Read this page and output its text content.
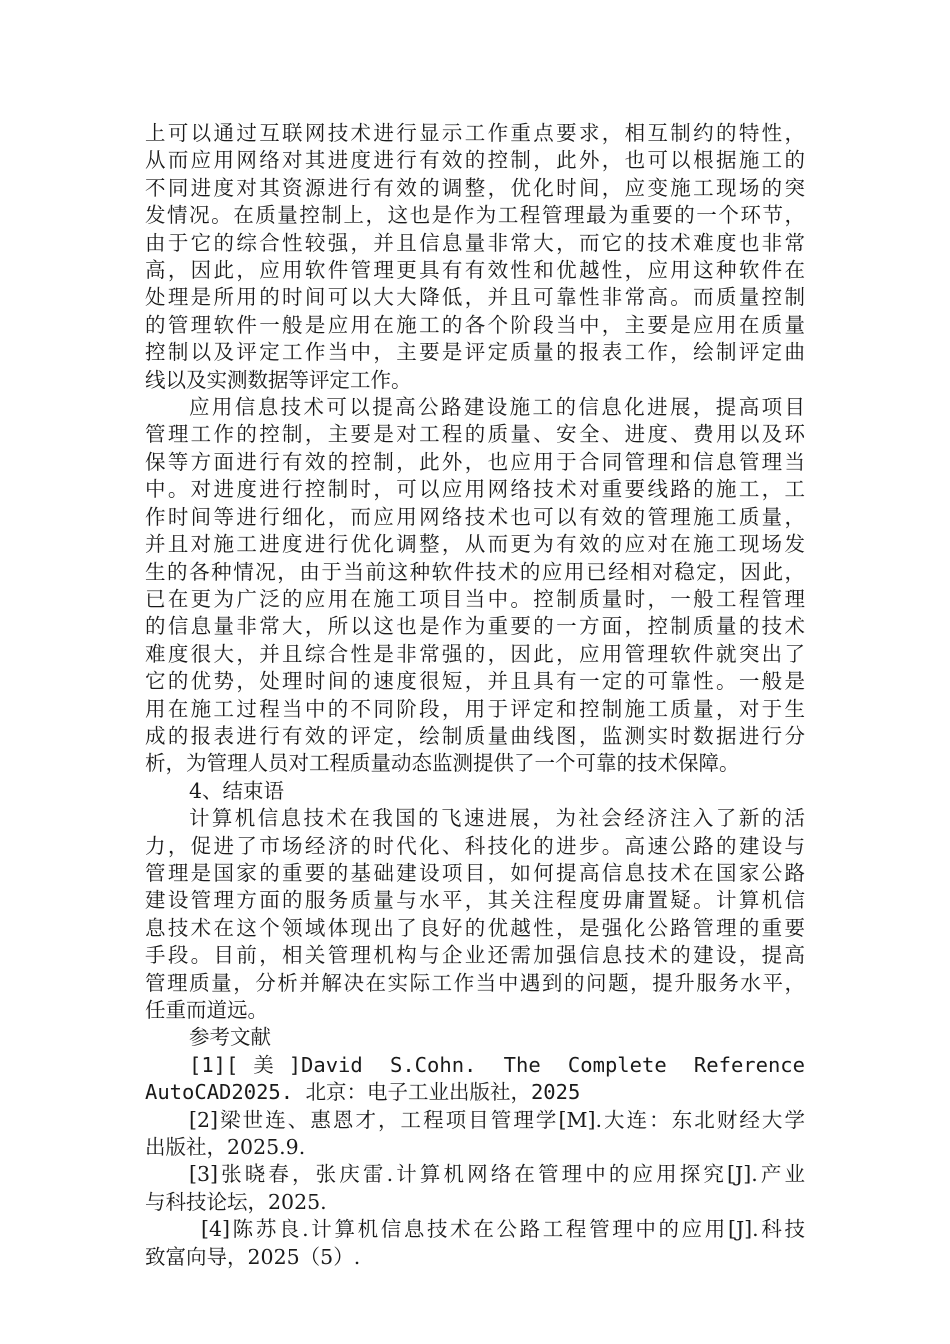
上可以通过互联网技术进行显示工作重点要求，相互制约的特性，
从而应用网络对其进度进行有效的控制，此外，也可以根据施工的
不同进度对其资源进行有效的调整，优化时间，应变施工现场的突
发情况。在质量控制上，这也是作为工程管理最为重要的一个环节，
由于它的综合性较强，并且信息量非常大，而它的技术难度也非常
高，因此，应用软件管理更具有有效性和优越性，应用这种软件在
处理是所用的时间可以大大降低，并且可靠性非常高。而质量控制
的管理软件一般是应用在施工的各个阶段当中，主要是应用在质量
控制以及评定工作当中，主要是评定质量的报表工作，绘制评定曲
线以及实测数据等评定工作。
应用信息技术可以提高公路建设施工的信息化进展，提高项目
管理工作的控制，主要是对工程的质量、安全、进度、费用以及环
保等方面进行有效的控制，此外，也应用于合同管理和信息管理当
中。对进度进行控制时，可以应用网络技术对重要线路的施工，工
作时间等进行细化，而应用网络技术也可以有效的管理施工质量，
并且对施工进度进行优化调整，从而更为有效的应对在施工现场发
生的各种情况，由于当前这种软件技术的应用已经相对稳定，因此，
已在更为广泛的应用在施工项目当中。控制质量时，一般工程管理
的信息量非常大，所以这也是作为重要的一方面，控制质量的技术
难度很大，并且综合性是非常强的，因此，应用管理软件就突出了
它的优势，处理时间的速度很短，并且具有一定的可靠性。一般是
用在施工过程当中的不同阶段，用于评定和控制施工质量，对于生
成的报表进行有效的评定，绘制质量曲线图，监测实时数据进行分
析，为管理人员对工程质量动态监测提供了一个可靠的技术保障。
4、结束语
计算机信息技术在我国的飞速进展，为社会经济注入了新的活
力，促进了市场经济的时代化、科技化的进步。高速公路的建设与
管理是国家的重要的基础建设项目，如何提高信息技术在国家公路
建设管理方面的服务质量与水平，其关注程度毋庸置疑。计算机信
息技术在这个领域体现出了良好的优越性，是强化公路管理的重要
手段。目前，相关管理机构与企业还需加强信息技术的建设，提高
管理质量，分析并解决在实际工作当中遇到的问题，提升服务水平，
任重而道远。
参考文献
[1][美]David S.Cohn. The Complete Reference
AutoCAD2025. 北京：电子工业出版社，2025
[2]梁世连、惠恩才，工程项目管理学[M].大连：东北财经大学
出版社，2025.9.
[3]张晓春，张庆雷.计算机网络在管理中的应用探究[J].产业
与科技论坛，2025.
[4]陈苏良.计算机信息技术在公路工程管理中的应用[J].科技
致富向导，2025（5）.
